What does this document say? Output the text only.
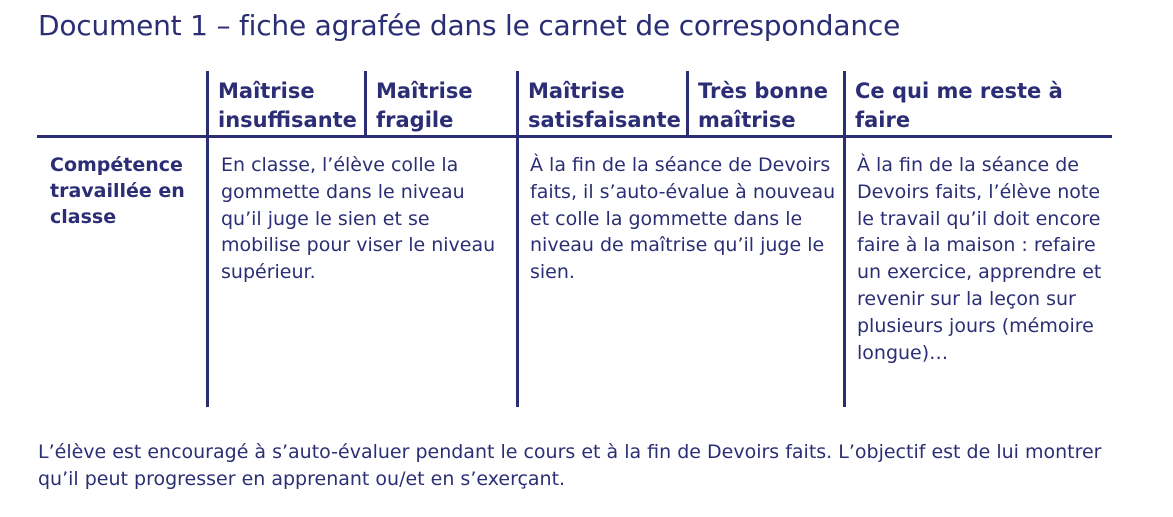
Document 1 – fiche agrafée dans le carnet de correspondance
Maîtrise insuffisante
Maîtrise fragile
Maîtrise satisfaisante
Très bonne maîtrise
Ce qui me reste à faire
Compétence travaillée en classe
En classe, l’élève colle la gommette dans le niveau qu’il juge le sien et se mobilise pour viser le niveau supérieur.
À la fin de la séance de Devoirs faits, il s’auto-évalue à nouveau et colle la gommette dans le niveau de maîtrise qu’il juge le sien.
À la fin de la séance de Devoirs faits, l’élève note le travail qu’il doit encore faire à la maison : refaire un exercice, apprendre et revenir sur la leçon sur plusieurs jours (mémoire longue)…
L’élève est encouragé à s’auto-évaluer pendant le cours et à la fin de Devoirs faits. L’objectif est de lui montrer qu’il peut progresser en apprenant ou/et en s’exerçant.
